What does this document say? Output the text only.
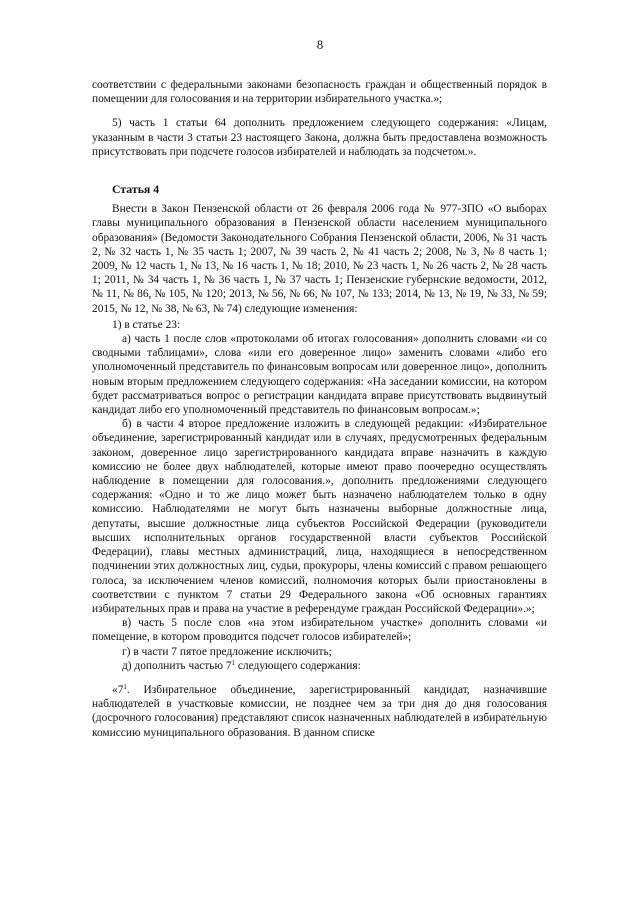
8

соответствии с федеральными законами безопасность граждан и общественный порядок в помещении для голосования и на территории избирательного участка.»;

5) часть 1 статьи 64 дополнить предложением следующего содержания: «Лицам, указанным в части 3 статьи 23 настоящего Закона, должна быть предоставлена возможность присутствовать при подсчете голосов избирателей и наблюдать за подсчетом.».

Статья 4

Внести в Закон Пензенской области от 26 февраля 2006 года № 977-ЗПО «О выборах главы муниципального образования в Пензенской области населением муниципального образования» (Ведомости Законодательного Собрания Пензенской области, 2006, № 31 часть 2, № 32 часть 1, № 35 часть 1; 2007, № 39 часть 2, № 41 часть 2; 2008, № 3, № 8 часть 1; 2009, № 12 часть 1, № 13, № 16 часть 1, № 18; 2010, № 23 часть 1, № 26 часть 2, № 28 часть 1; 2011, № 34 часть 1, № 36 часть 1, № 37 часть 1; Пензенские губернские ведомости, 2012, № 11, № 86, № 105, № 120; 2013, № 56, № 66, № 107, № 133; 2014, № 13, № 19, № 33, № 59; 2015, № 12, № 38, № 63, № 74) следующие изменения:

1) в статье 23:

а) часть 1 после слов «протоколами об итогах голосования» дополнить словами «и со сводными таблицами», слова «или его доверенное лицо» заменить словами «либо его уполномоченный представитель по финансовым вопросам или доверенное лицо», дополнить новым вторым предложением следующего содержания: «На заседании комиссии, на котором будет рассматриваться вопрос о регистрации кандидата вправе присутствовать выдвинутый кандидат либо его уполномоченный представитель по финансовым вопросам.»;

б) в части 4 второе предложение изложить в следующей редакции: «Избирательное объединение, зарегистрированный кандидат или в случаях, предусмотренных федеральным законом, доверенное лицо зарегистрированного кандидата вправе назначить в каждую комиссию не более двух наблюдателей, которые имеют право поочередно осуществлять наблюдение в помещении для голосования.», дополнить предложениями следующего содержания: «Одно и то же лицо может быть назначено наблюдателем только в одну комиссию. Наблюдателями не могут быть назначены выборные должностные лица, депутаты, высшие должностные лица субъектов Российской Федерации (руководители высших исполнительных органов государственной власти субъектов Российской Федерации), главы местных администраций, лица, находящиеся в непосредственном подчинении этих должностных лиц, судьи, прокуроры, члены комиссий с правом решающего голоса, за исключением членов комиссий, полномочия которых были приостановлены в соответствии с пунктом 7 статьи 29 Федерального закона «Об основных гарантиях избирательных прав и права на участие в референдуме граждан Российской Федерации».»;

в) часть 5 после слов «на этом избирательном участке» дополнить словами «и помещение, в котором проводится подсчет голосов избирателей»;

г) в части 7 пятое предложение исключить;

д) дополнить частью $7^1$ следующего содержания:

«$7^1$. Избирательное объединение, зарегистрированный кандидат, назначившие наблюдателей в участковые комиссии, не позднее чем за три дня до дня голосования (досрочного голосования) представляют список назначенных наблюдателей в избирательную комиссию муниципального образования. В данном списке
